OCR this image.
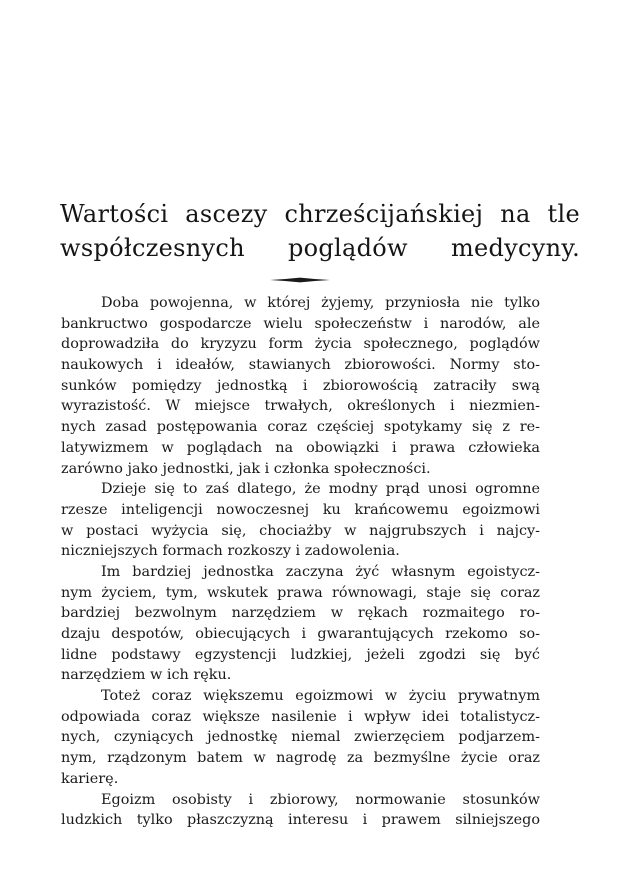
Wartości ascezy chrześcijańskiej na tle
współczesnych poglądów medycyny.
Doba powojenna, w której żyjemy, przyniosła nie tylko
bankructwo gospodarcze wielu społeczeństw i narodów, ale
doprowadziła do kryzyzu form życia społecznego, poglądów
naukowych i ideałów, stawianych zbiorowości. Normy sto-
sunków pomiędzy jednostką i zbiorowością zatraciły swą
wyrazistość. W miejsce trwałych, określonych i niezmien-
nych zasad postępowania coraz częściej spotykamy się z re-
latywizmem w poglądach na obowiązki i prawa człowieka
zarówno jako jednostki, jak i członka społeczności.
Dzieje się to zaś dlatego, że modny prąd unosi ogromne
rzesze inteligencji nowoczesnej ku krańcowemu egoizmowi
w postaci wyżycia się, chociażby w najgrubszych i najcy-
niczniejszych formach rozkoszy i zadowolenia.
Im bardziej jednostka zaczyna żyć własnym egoistycz-
nym życiem, tym, wskutek prawa równowagi, staje się coraz
bardziej bezwolnym narzędziem w rękach rozmaitego ro-
dzaju despotów, obiecujących i gwarantujących rzekomo so-
lidne podstawy egzystencji ludzkiej, jeżeli zgodzi się być
narzędziem w ich ręku.
Toteż coraz większemu egoizmowi w życiu prywatnym
odpowiada coraz większe nasilenie i wpływ idei totalistycz-
nych, czyniących jednostkę niemal zwierzęciem podjarzem-
nym, rządzonym batem w nagrodę za bezmyślne życie oraz
karierę.
Egoizm osobisty i zbiorowy, normowanie stosunków
ludzkich tylko płaszczyzną interesu i prawem silniejszego
